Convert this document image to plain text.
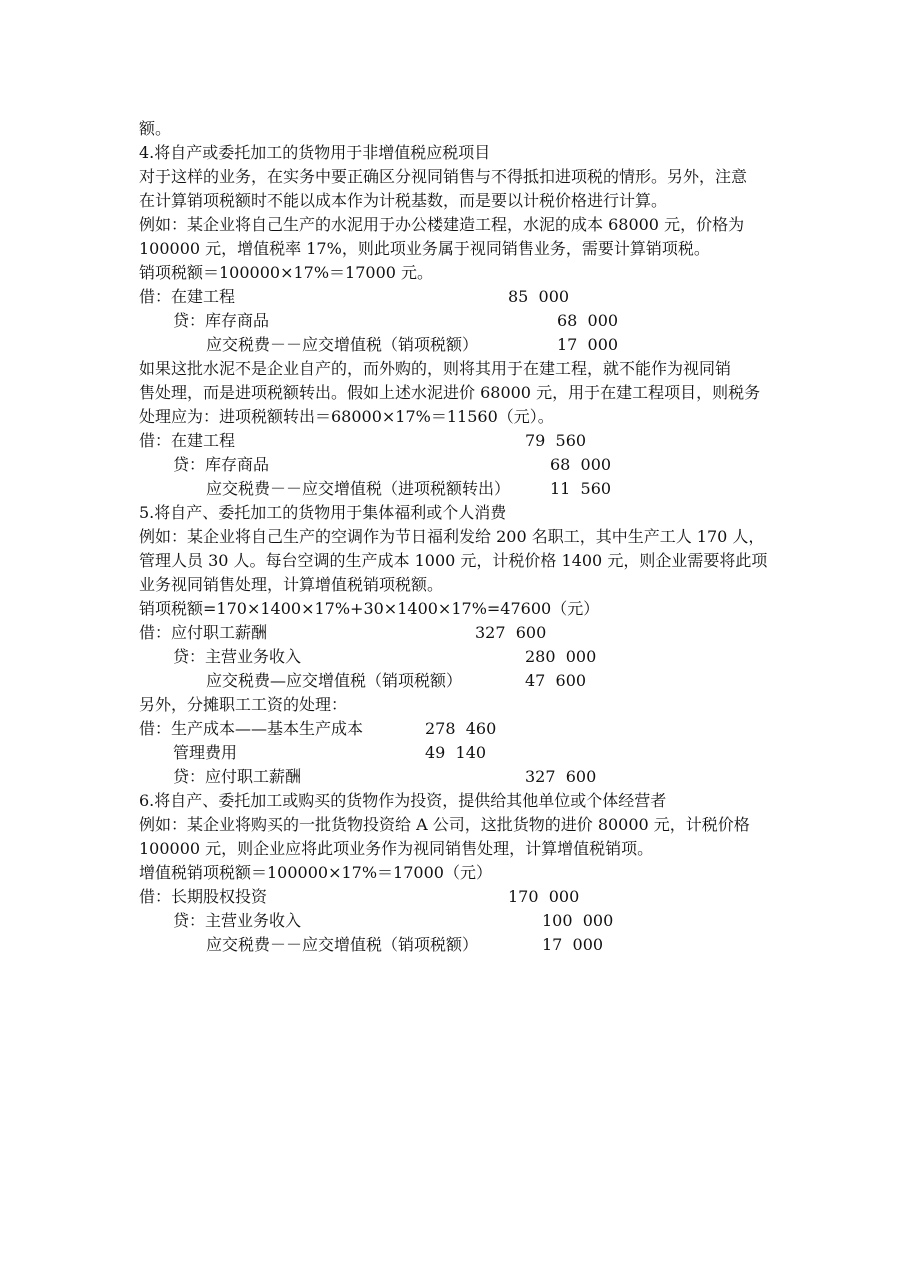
额。
4.将自产或委托加工的货物用于非增值税应税项目
对于这样的业务，在实务中要正确区分视同销售与不得抵扣进项税的情形。另外，注意
在计算销项税额时不能以成本作为计税基数，而是要以计税价格进行计算。
例如：某企业将自己生产的水泥用于办公楼建造工程，水泥的成本 68000 元，价格为
100000 元，增值税率 17%，则此项业务属于视同销售业务，需要计算销项税。
销项税额＝100000×17%＝17000 元。
借：在建工程	85  000
贷：库存商品	68  000
应交税费－－应交增值税（销项税额）	17  000
如果这批水泥不是企业自产的，而外购的，则将其用于在建工程，就不能作为视同销
售处理，而是进项税额转出。假如上述水泥进价 68000 元，用于在建工程项目，则税务
处理应为：进项税额转出＝68000×17%＝11560（元）。
借：在建工程	79  560
贷：库存商品	68  000
应交税费－－应交增值税（进项税额转出） 11  560
5.将自产、委托加工的货物用于集体福利或个人消费
例如：某企业将自己生产的空调作为节日福利发给 200 名职工，其中生产工人 170 人，
管理人员 30 人。每台空调的生产成本 1000 元，计税价格 1400 元，则企业需要将此项
业务视同销售处理，计算增值税销项税额。
销项税额=170×1400×17%+30×1400×17%=47600（元）
借：应付职工薪酬	327  600
贷：主营业务收入	280  000
应交税费—应交增值税（销项税额）	47  600
另外，分摊职工工资的处理：
借：生产成本——基本生产成本	278  460
管理费用	49  140
贷：应付职工薪酬	327  600
6.将自产、委托加工或购买的货物作为投资，提供给其他单位或个体经营者
例如：某企业将购买的一批货物投资给 A 公司，这批货物的进价 80000 元，计税价格
100000 元，则企业应将此项业务作为视同销售处理，计算增值税销项。
增值税销项税额＝100000×17%＝17000（元）
借：长期股权投资	170  000
贷：主营业务收入	100  000
应交税费－－应交增值税（销项税额）	17  000
